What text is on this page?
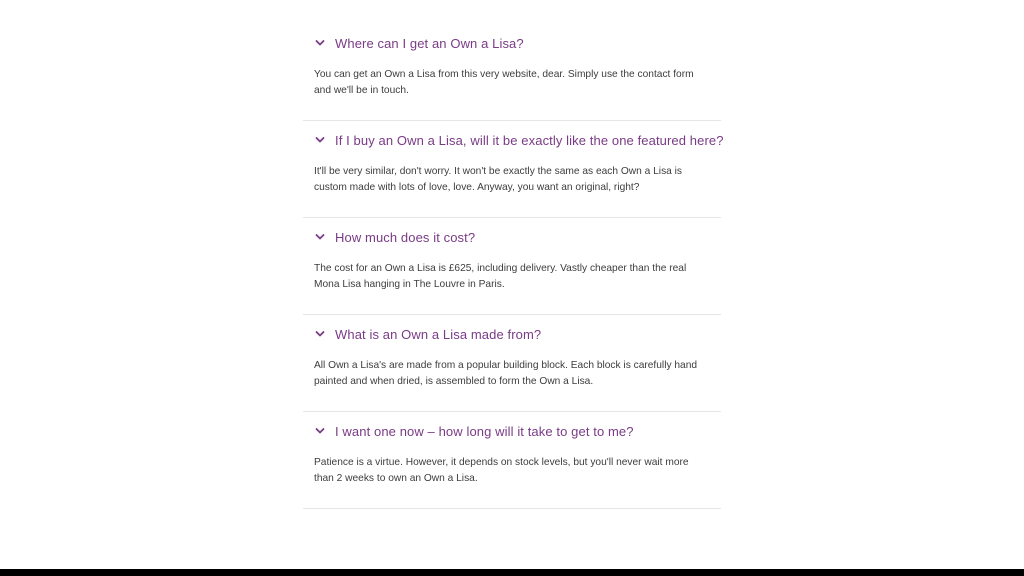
Where can I get an Own a Lisa?

You can get an Own a Lisa from this very website, dear. Simply use the contact form and we'll be in touch.

If I buy an Own a Lisa, will it be exactly like the one featured here?

It'll be very similar, don't worry. It won't be exactly the same as each Own a Lisa is custom made with lots of love, love. Anyway, you want an original, right?

How much does it cost?

The cost for an Own a Lisa is £625, including delivery. Vastly cheaper than the real Mona Lisa hanging in The Louvre in Paris.

What is an Own a Lisa made from?

All Own a Lisa's are made from a popular building block. Each block is carefully hand painted and when dried, is assembled to form the Own a Lisa.

I want one now – how long will it take to get to me?

Patience is a virtue. However, it depends on stock levels, but you'll never wait more than 2 weeks to own an Own a Lisa.
